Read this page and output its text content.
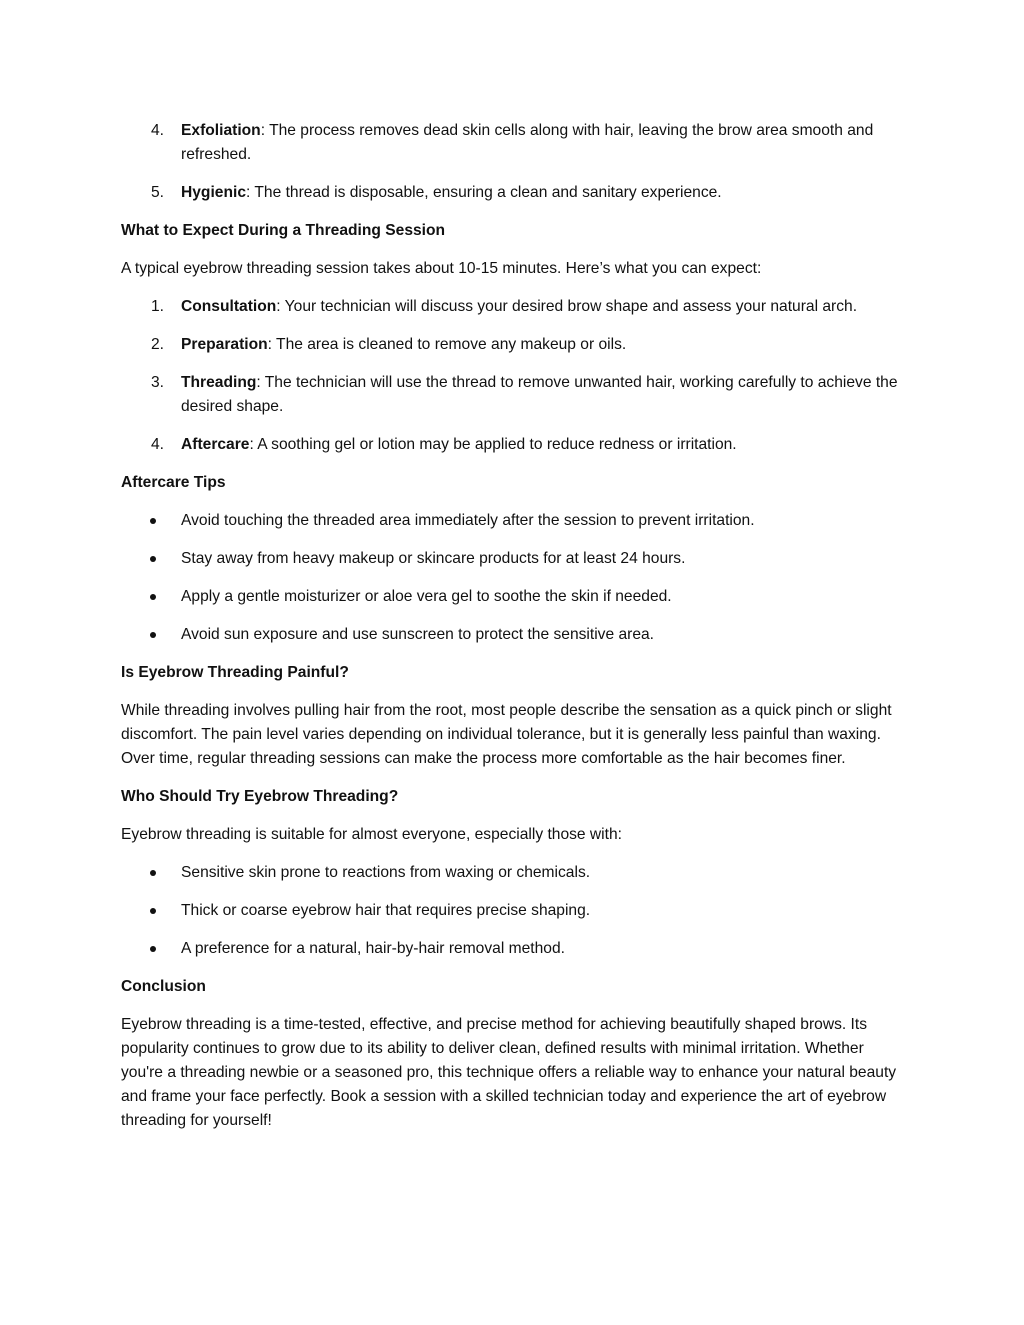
4. Exfoliation: The process removes dead skin cells along with hair, leaving the brow area smooth and refreshed.
5. Hygienic: The thread is disposable, ensuring a clean and sanitary experience.

What to Expect During a Threading Session

A typical eyebrow threading session takes about 10-15 minutes. Here’s what you can expect:

1. Consultation: Your technician will discuss your desired brow shape and assess your natural arch.
2. Preparation: The area is cleaned to remove any makeup or oils.
3. Threading: The technician will use the thread to remove unwanted hair, working carefully to achieve the desired shape.
4. Aftercare: A soothing gel or lotion may be applied to reduce redness or irritation.

Aftercare Tips

Avoid touching the threaded area immediately after the session to prevent irritation.
Stay away from heavy makeup or skincare products for at least 24 hours.
Apply a gentle moisturizer or aloe vera gel to soothe the skin if needed.
Avoid sun exposure and use sunscreen to protect the sensitive area.

Is Eyebrow Threading Painful?

While threading involves pulling hair from the root, most people describe the sensation as a quick pinch or slight discomfort. The pain level varies depending on individual tolerance, but it is generally less painful than waxing. Over time, regular threading sessions can make the process more comfortable as the hair becomes finer.

Who Should Try Eyebrow Threading?

Eyebrow threading is suitable for almost everyone, especially those with:

Sensitive skin prone to reactions from waxing or chemicals.
Thick or coarse eyebrow hair that requires precise shaping.
A preference for a natural, hair-by-hair removal method.

Conclusion

Eyebrow threading is a time-tested, effective, and precise method for achieving beautifully shaped brows. Its popularity continues to grow due to its ability to deliver clean, defined results with minimal irritation. Whether you're a threading newbie or a seasoned pro, this technique offers a reliable way to enhance your natural beauty and frame your face perfectly. Book a session with a skilled technician today and experience the art of eyebrow threading for yourself!
